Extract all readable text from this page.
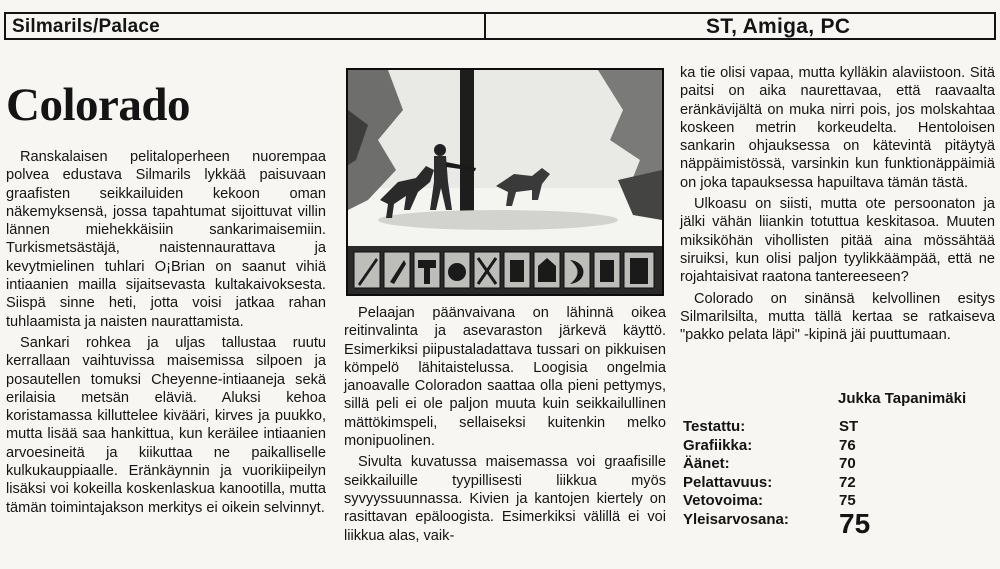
Silmarils/Palace	ST, Amiga, PC
Colorado

Ranskalaisen pelitaloperheen nuorempaa polvea edustava Silmarils lykkää paisuvaan graafisten seikkailuiden kekoon oman näkemyksensä, jossa tapahtumat sijoittuvat villin lännen miehekkäisiin sankarimaisemiin. Turkismetsästäjä, naistennaurattava ja kevytmielinen tuhlari O¡Brian on saanut vihiä intiaanien mailla sijaitsevasta kultakaivoksesta. Siispä sinne heti, jotta voisi jatkaa rahan tuhlaamista ja naisten naurattamista.

Sankari rohkea ja uljas tallustaa ruutu kerrallaan vaihtuvissa maisemissa silpoen ja posautellen tomuksi Cheyenne-intiaaneja sekä erilaisia metsän eläviä. Aluksi kehoa koristamassa killuttelee kivääri, kirves ja puukko, mutta lisää saa hankittua, kun keräilee intiaanien arvoesineitä ja kiikuttaa ne paikalliselle kulkukauppiaalle. Eränkäynnin ja vuorikiipeilyn lisäksi voi kokeilla koskenlaskua kanootilla, mutta tämän toimintajakson merkitys ei oikein selvinnyt.

Pelaajan päänvaivana on lähinnä oikea reitinvalinta ja asevaraston järkevä käyttö. Esimerkiksi piipustaladattava tussari on pikkuisen kömpelö lähitaistelussa. Loogisia ongelmia janoavalle Coloradon saattaa olla pieni pettymys, sillä peli ei ole paljon muuta kuin seikkailullinen mättökimspeli, sellaiseksi kuitenkin melko monipuolinen.

Sivulta kuvatussa maisemassa voi graafisille seikkailuille tyypillisesti liikkua myös syvyyssuunnassa. Kivien ja kantojen kiertely on rasittavan epäloogista. Esimerkiksi välillä ei voi liikkua alas, vaik-

ka tie olisi vapaa, mutta kylläkin alaviistoon. Sitä paitsi on aika naurettavaa, että raavaalta eränkävijältä on muka nirri pois, jos molskahtaa koskeen metrin korkeudelta. Hentoloisen sankarin ohjauksessa on kätevintä pitäytyä näppäimistössä, varsinkin kun funktionäppäimiä on joka tapauksessa hapuiltava tämän tästä.

Ulkoasu on siisti, mutta ote persoonaton ja jälki vähän liiankin totuttua keskitasoa. Muuten miksiköhän vihollisten pitää aina mössähtää siruiksi, kun olisi paljon tyylikkäämpää, että ne rojahtaisivat raatona tantereeseen?

Colorado on sinänsä kelvollinen esitys Silmarilsilta, mutta tällä kertaa se ratkaiseva "pakko pelata läpi" -kipinä jäi puuttumaan.

Jukka Tapanimäki
Testattu:	ST
Grafiikka:	76
Äänet:	70
Pelattavuus:	72
Vetovoima:	75
Yleisarvosana: 75
